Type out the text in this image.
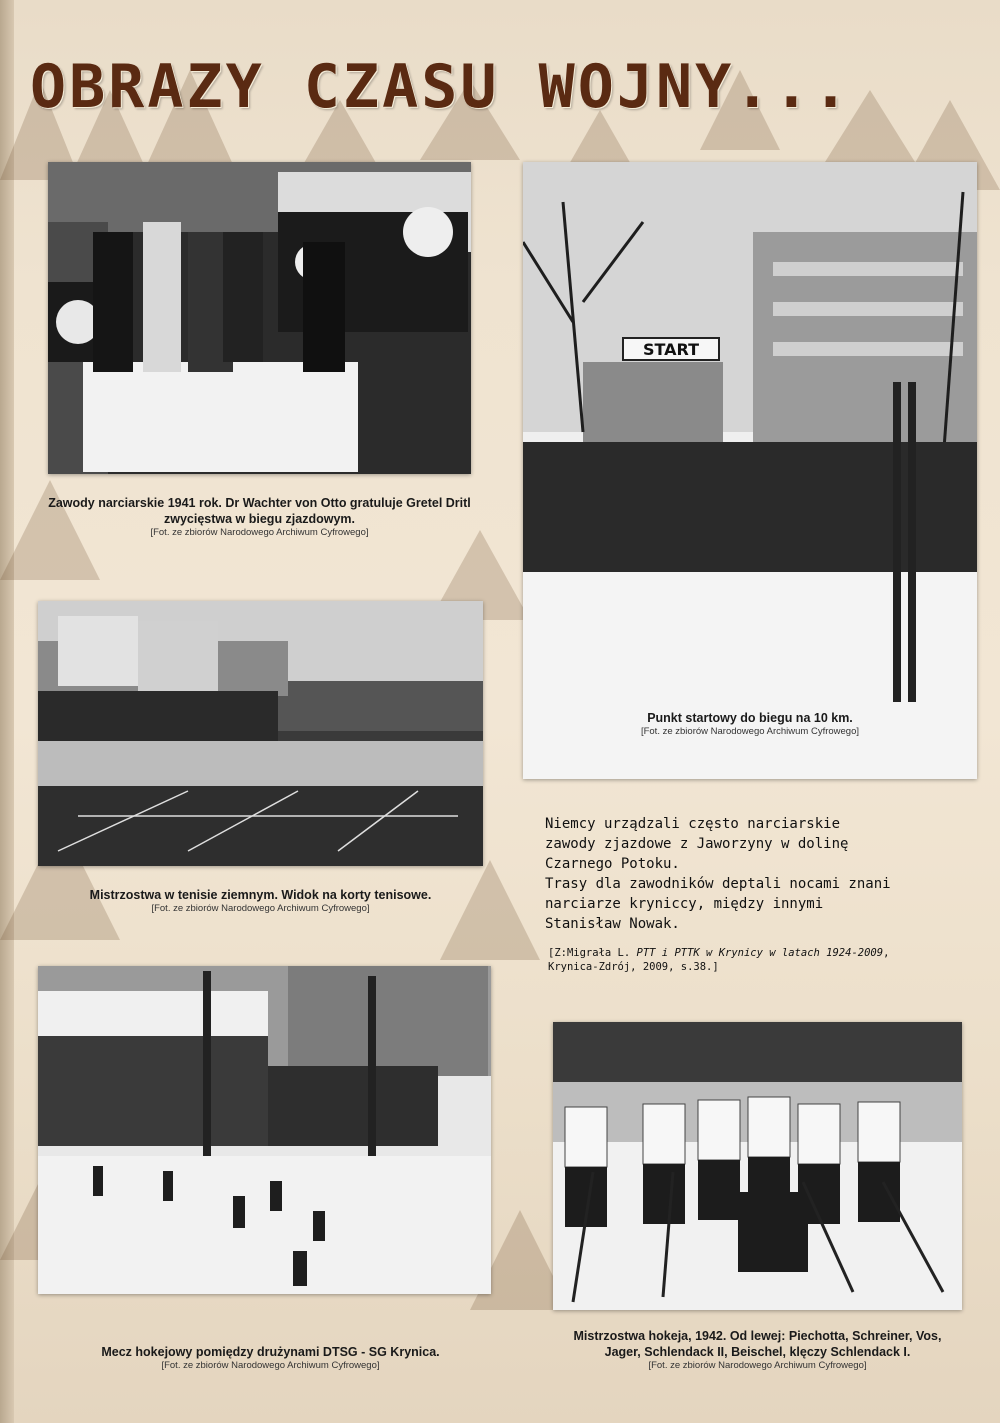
OBRAZY CZASU WOJNY...

Zawody narciarskie 1941 rok. Dr Wachter von Otto gratuluje Gretel Dritl zwycięstwa w biegu zjazdowym.

[Fot. ze zbiorów Narodowego Archiwum Cyfrowego]

START

Punkt startowy do biegu na 10 km.

[Fot. ze zbiorów Narodowego Archiwum Cyfrowego]

Mistrzostwa w tenisie ziemnym. Widok na korty tenisowe.

[Fot. ze zbiorów Narodowego Archiwum Cyfrowego]

Niemcy urządzali często narciarskie
zawody zjazdowe z Jaworzyny w dolinę
Czarnego Potoku.
Trasy dla zawodników deptali nocami znani
narciarze kryniccy, między innymi
Stanisław Nowak.
[Z:Migrała L. PTT i PTTK w Krynicy w latach 1924-2009,
Krynica-Zdrój, 2009, s.38.]

Mecz hokejowy pomiędzy drużynami DTSG - SG Krynica.

[Fot. ze zbiorów Narodowego Archiwum Cyfrowego]

Mistrzostwa hokeja, 1942. Od lewej: Piechotta, Schreiner, Vos,

Jager, Schlendack II, Beischel, klęczy Schlendack I.

[Fot. ze zbiorów Narodowego Archiwum Cyfrowego]
